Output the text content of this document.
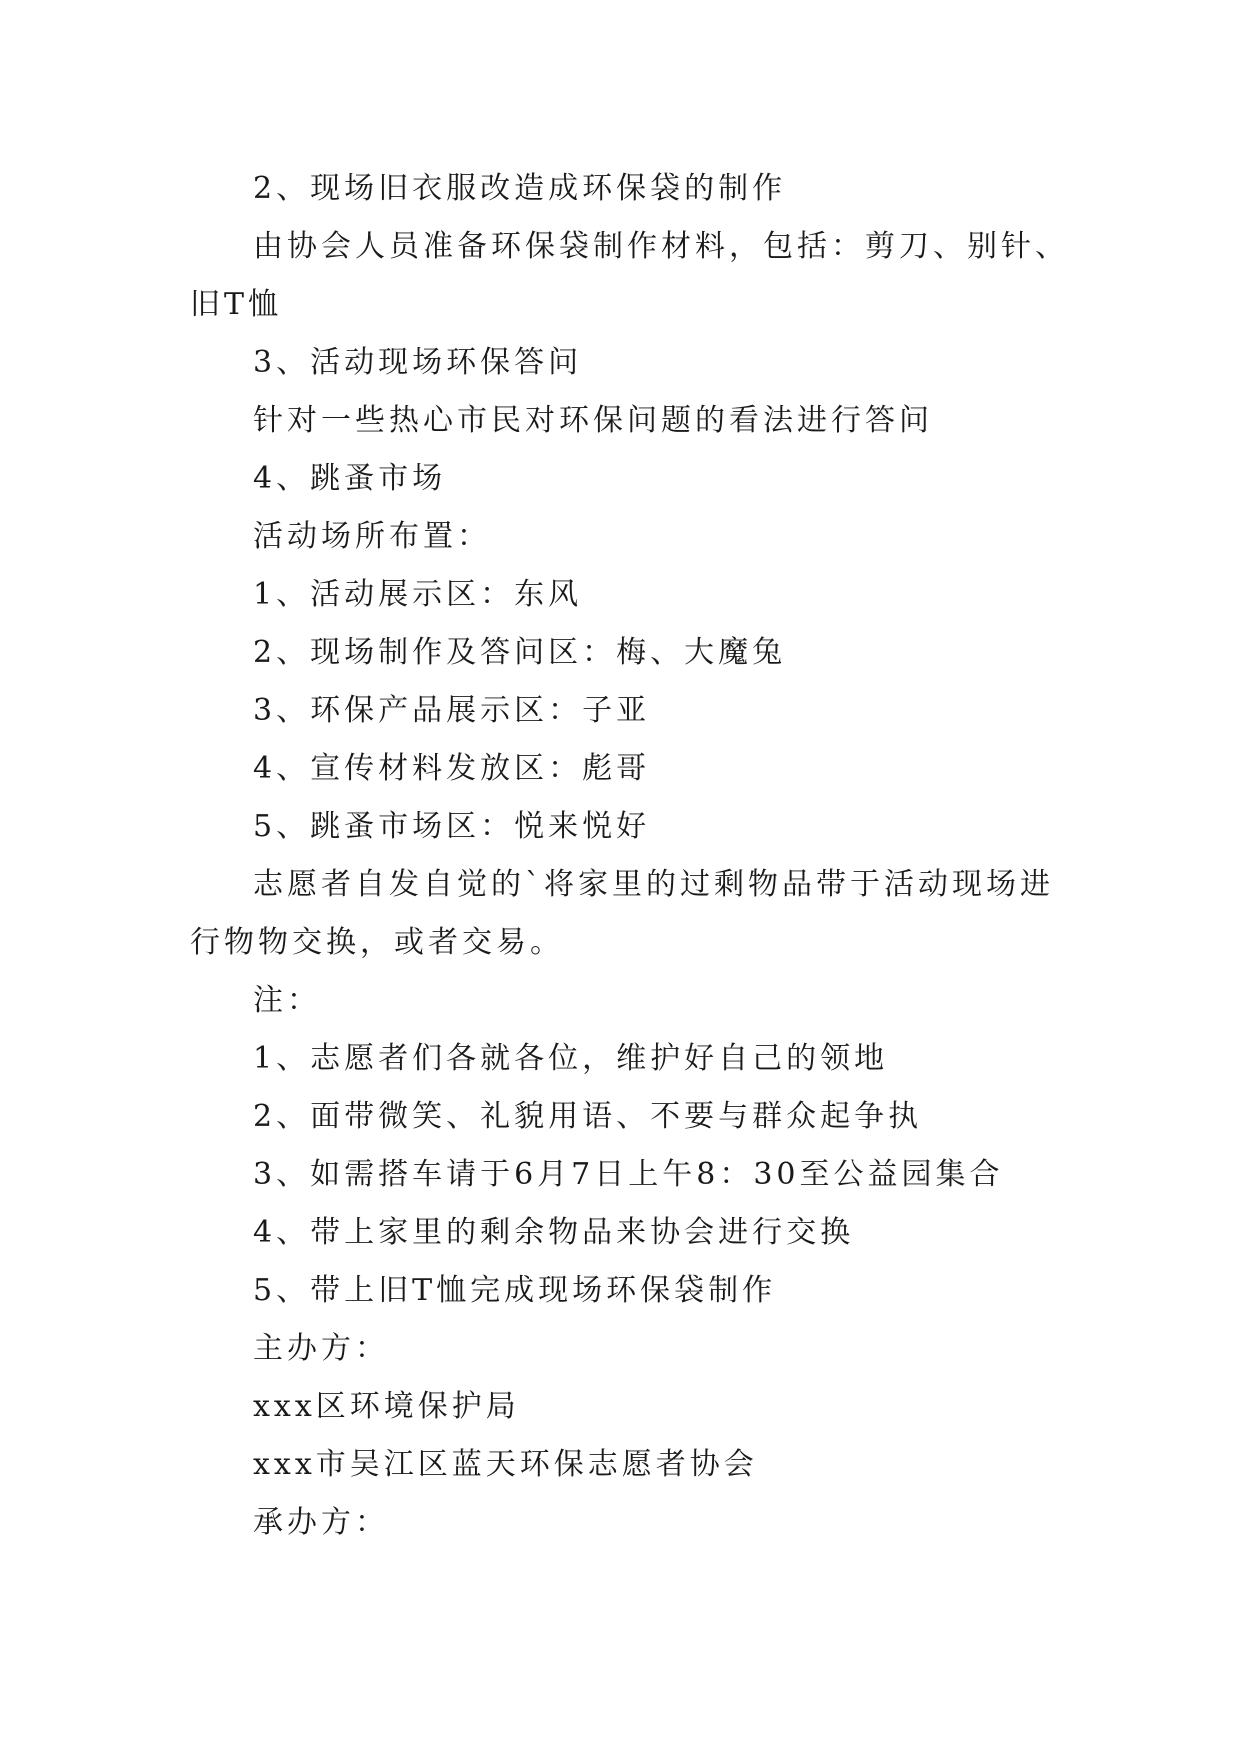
2、现场旧衣服改造成环保袋的制作
由协会人员准备环保袋制作材料，包括：剪刀、别针、
旧T恤
3、活动现场环保答问
针对一些热心市民对环保问题的看法进行答问
4、跳蚤市场
活动场所布置：
1、活动展示区：东风
2、现场制作及答问区：梅、大魔兔
3、环保产品展示区：子亚
4、宣传材料发放区：彪哥
5、跳蚤市场区：悦来悦好
志愿者自发自觉的`将家里的过剩物品带于活动现场进
行物物交换，或者交易。
注：
1、志愿者们各就各位，维护好自己的领地
2、面带微笑、礼貌用语、不要与群众起争执
3、如需搭车请于6月7日上午8：30至公益园集合
4、带上家里的剩余物品来协会进行交换
5、带上旧T恤完成现场环保袋制作
主办方：
xxx区环境保护局
xxx市吴江区蓝天环保志愿者协会
承办方：
